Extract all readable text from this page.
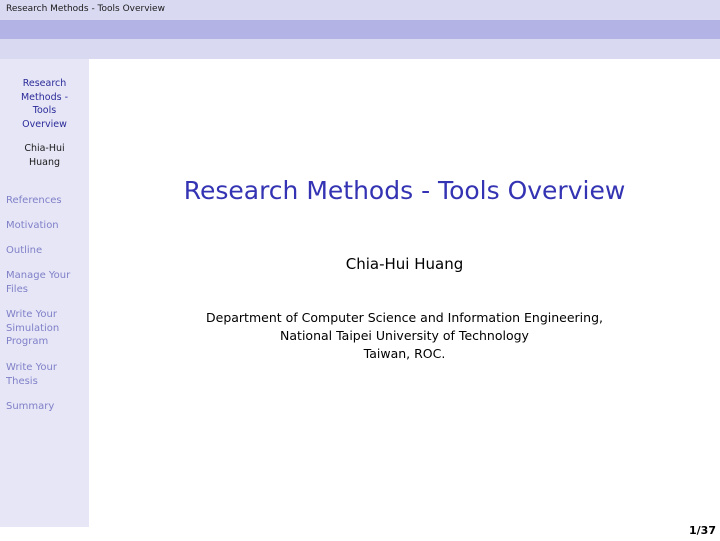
Research Methods - Tools Overview
Research
Methods -
Tools
Overview
Chia-Hui
Huang
References
Motivation
Outline
Manage Your
Files
Write Your
Simulation
Program
Write Your
Thesis
Summary
Research Methods - Tools Overview
Chia-Hui Huang
Department of Computer Science and Information Engineering,
National Taipei University of Technology
Taiwan, ROC.
1/37
